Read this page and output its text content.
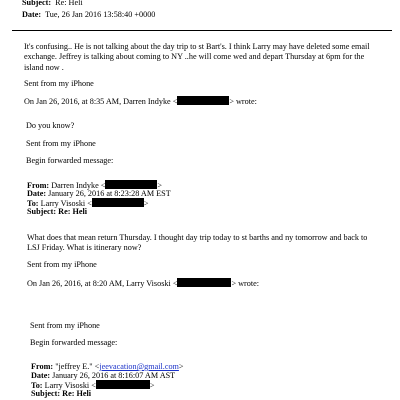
Subject: Re: Heli
Date: Tue, 26 Jan 2016 13:58:40 +0000
It's confusing.. He is not talking about the day trip to st Bart's. I think Larry may have deleted some email exchange. Jeffrey is talking about coming to NY ..he will come wed and depart Thursday at 6pm for the island now .
Sent from my iPhone
On Jan 26, 2016, at 8:35 AM, Darren Indyke <	> wrote:
Do you know?
Sent from my iPhone
Begin forwarded message:
From: Darren Indyke <	>
Date: January 26, 2016 at 8:23:28 AM EST
To: Larry Visoski <	>
Subject: Re: Heli
What does that mean return Thursday. I thought day trip today to st barths and ny tomorrow and back to LSJ Friday. What is itinerary now?
Sent from my iPhone
On Jan 26, 2016, at 8:20 AM, Larry Visoski <	> wrote:
Sent from my iPhone
Begin forwarded message:
From: "jeffrey E." <jeevacation@gmail.com>
Date: January 26, 2016 at 8:16:07 AM AST
To: Larry Visoski <	>
Subject: Re: Heli
